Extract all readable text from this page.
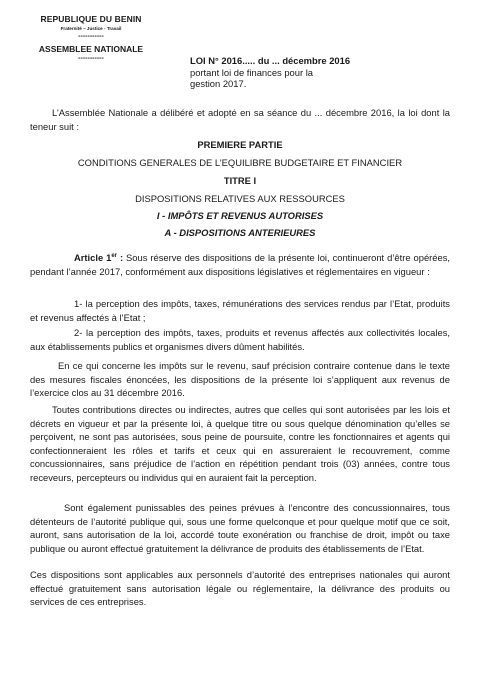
REPUBLIQUE DU BENIN
Fraternité – Justice - Travail
-----------
ASSEMBLEE NATIONALE
-----------	LOI N° 2016..... du ... décembre 2016
portant loi de finances pour la
gestion 2017.

L’Assemblée Nationale a délibéré et adopté en sa séance du ... décembre 2016, la loi dont la teneur suit :

PREMIERE PARTIE
CONDITIONS GENERALES DE L’EQUILIBRE BUDGETAIRE ET FINANCIER
TITRE I
DISPOSITIONS RELATIVES AUX RESSOURCES
I - IMPÔTS ET REVENUS AUTORISES
A - DISPOSITIONS ANTERIEURES

Article 1er : Sous réserve des dispositions de la présente loi, continueront d’être opérées, pendant l’année 2017, conformément aux dispositions législatives et réglementaires en vigueur :

1- la perception des impôts, taxes, rémunérations des services rendus par l’Etat, produits et revenus affectés à l’Etat ;

2- la perception des impôts, taxes, produits et revenus affectés aux collectivités locales, aux établissements publics et organismes divers dûment habilités.

En ce qui concerne les impôts sur le revenu, sauf précision contraire contenue dans le texte des mesures fiscales énoncées, les dispositions de la présente loi s’appliquent aux revenus de l’exercice clos au 31 décembre 2016.

Toutes contributions directes ou indirectes, autres que celles qui sont autorisées par les lois et décrets en vigueur et par la présente loi, à quelque titre ou sous quelque dénomination qu’elles se perçoivent, ne sont pas autorisées, sous peine de poursuite, contre les fonctionnaires et agents qui confectionneraient les rôles et tarifs et ceux qui en assureraient le recouvrement, comme concussionnaires, sans préjudice de l’action en répétition pendant trois (03) années, contre tous receveurs, percepteurs ou individus qui en auraient fait la perception.

Sont également punissables des peines prévues à l’encontre des concussionnaires, tous détenteurs de l’autorité publique qui, sous une forme quelconque et pour quelque motif que ce soit, auront, sans autorisation de la loi, accordé toute exonération ou franchise de droit, impôt ou taxe publique ou auront effectué gratuitement la délivrance de produits des établissements de l’Etat.

Ces dispositions sont applicables aux personnels d’autorité des entreprises nationales qui auront effectué gratuitement sans autorisation légale ou réglementaire, la délivrance des produits ou services de ces entreprises.
